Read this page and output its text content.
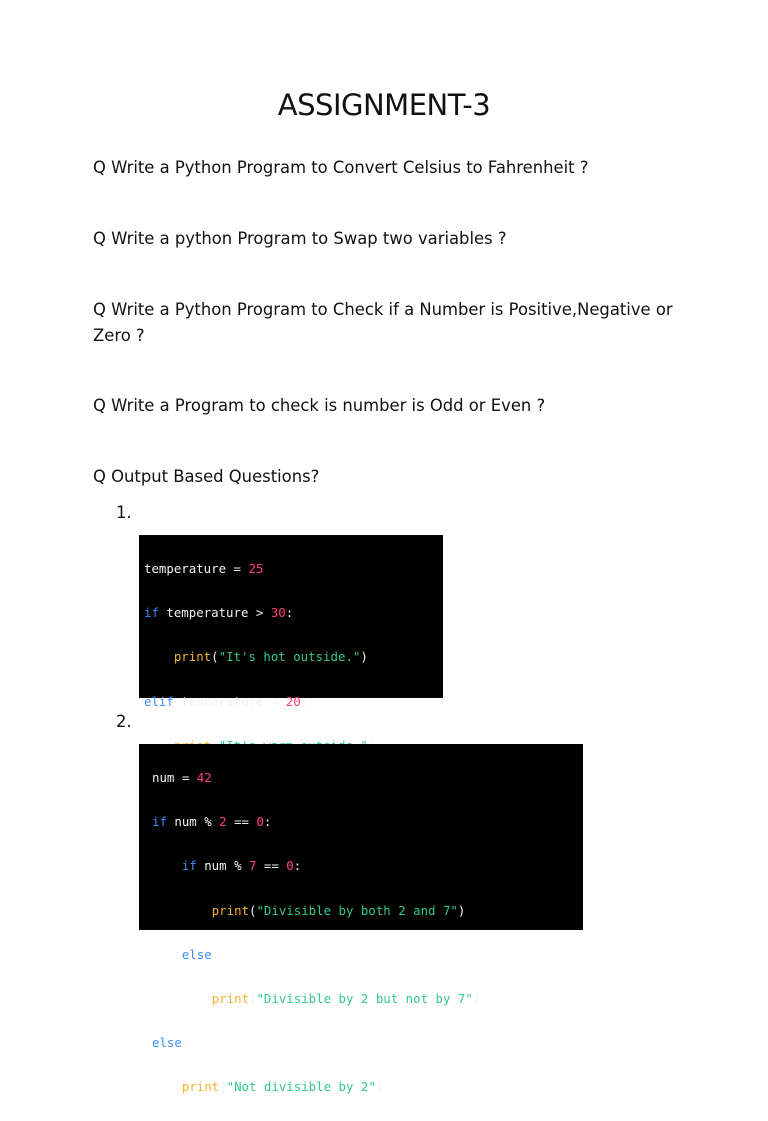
ASSIGNMENT-3
Q Write a Python Program to Convert Celsius to Fahrenheit ?
Q Write a python Program to Swap two variables ?
Q Write a Python Program to Check if a Number is Positive,Negative or Zero ?
Q Write a Program to check is number is Odd or Even ?
Q Output Based Questions?
1.

temperature = 25

if temperature > 30:

print("It's hot outside.")

elif temperature > 20:

2.

num = 42

if num % 2 == 0:

if num % 7 == 0:

print("Divisible by both 2 and 7")

else:

print("Divisible by 2 but not by 7")

else:

print("Not divisible by 2")
